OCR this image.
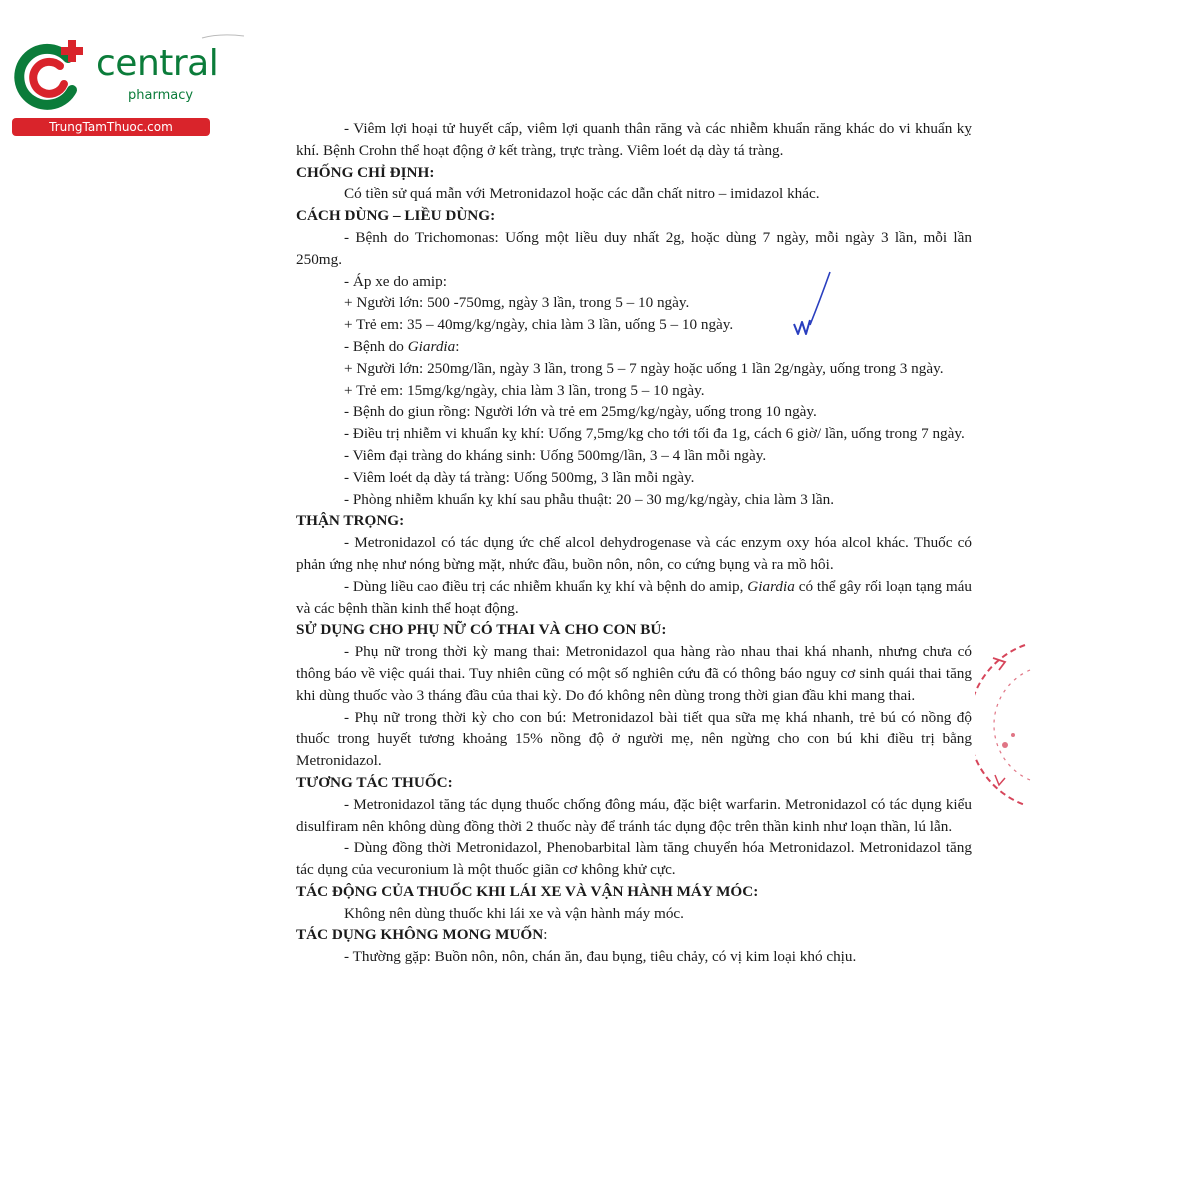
central
pharmacy
TrungTamThuoc.com	- Viêm lợi hoại tử huyết cấp, viêm lợi quanh thân răng và các nhiễm khuẩn răng khác do vi khuẩn kỵ khí. Bệnh Crohn thể hoạt động ở kết tràng, trực tràng. Viêm loét dạ dày tá tràng.

CHỐNG CHỈ ĐỊNH:

Có tiền sử quá mẫn với Metronidazol hoặc các dẫn chất nitro – imidazol khác.

CÁCH DÙNG – LIỀU DÙNG:

- Bệnh do Trichomonas: Uống một liều duy nhất 2g, hoặc dùng 7 ngày, mỗi ngày 3 lần, mỗi lần 250mg.

- Áp xe do amip:

+ Người lớn: 500 -750mg, ngày 3 lần, trong 5 – 10 ngày.

+ Trẻ em: 35 – 40mg/kg/ngày, chia làm 3 lần, uống 5 – 10 ngày.

- Bệnh do Giardia:

+ Người lớn: 250mg/lần, ngày 3 lần, trong 5 – 7 ngày hoặc uống 1 lần 2g/ngày, uống trong 3 ngày.

+ Trẻ em: 15mg/kg/ngày, chia làm 3 lần, trong 5 – 10 ngày.

- Bệnh do giun rồng: Người lớn và trẻ em 25mg/kg/ngày, uống trong 10 ngày.

- Điều trị nhiễm vi khuẩn kỵ khí: Uống 7,5mg/kg cho tới tối đa 1g, cách 6 giờ/ lần, uống trong 7 ngày.

- Viêm đại tràng do kháng sinh: Uống 500mg/lần, 3 – 4 lần mỗi ngày.

- Viêm loét dạ dày tá tràng: Uống 500mg, 3 lần mỗi ngày.

- Phòng nhiễm khuẩn kỵ khí sau phẫu thuật: 20 – 30 mg/kg/ngày, chia làm 3 lần.

THẬN TRỌNG:

- Metronidazol có tác dụng ức chế alcol dehydrogenase và các enzym oxy hóa alcol khác. Thuốc có phản ứng nhẹ như nóng bừng mặt, nhức đầu, buồn nôn, nôn, co cứng bụng và ra mồ hôi.

- Dùng liều cao điều trị các nhiễm khuẩn kỵ khí và bệnh do amip, Giardia có thể gây rối loạn tạng máu và các bệnh thần kinh thể hoạt động.

SỬ DỤNG CHO PHỤ NỮ CÓ THAI VÀ CHO CON BÚ:

- Phụ nữ trong thời kỳ mang thai: Metronidazol qua hàng rào nhau thai khá nhanh, nhưng chưa có thông báo về việc quái thai. Tuy nhiên cũng có một số nghiên cứu đã có thông báo nguy cơ sinh quái thai tăng khi dùng thuốc vào 3 tháng đầu của thai kỳ. Do đó không nên dùng trong thời gian đầu khi mang thai.

- Phụ nữ trong thời kỳ cho con bú: Metronidazol bài tiết qua sữa mẹ khá nhanh, trẻ bú có nồng độ thuốc trong huyết tương khoảng 15% nồng độ ở người mẹ, nên ngừng cho con bú khi điều trị bằng Metronidazol.

TƯƠNG TÁC THUỐC:

- Metronidazol tăng tác dụng thuốc chống đông máu, đặc biệt warfarin. Metronidazol có tác dụng kiểu disulfiram nên không dùng đồng thời 2 thuốc này để tránh tác dụng độc trên thần kinh như loạn thần, lú lẫn.

- Dùng đồng thời Metronidazol, Phenobarbital làm tăng chuyển hóa Metronidazol. Metronidazol tăng tác dụng của vecuronium là một thuốc giãn cơ không khử cực.

TÁC ĐỘNG CỦA THUỐC KHI LÁI XE VÀ VẬN HÀNH MÁY MÓC:

Không nên dùng thuốc khi lái xe và vận hành máy móc.

TÁC DỤNG KHÔNG MONG MUỐN:

- Thường gặp: Buồn nôn, nôn, chán ăn, đau bụng, tiêu chảy, có vị kim loại khó chịu.
